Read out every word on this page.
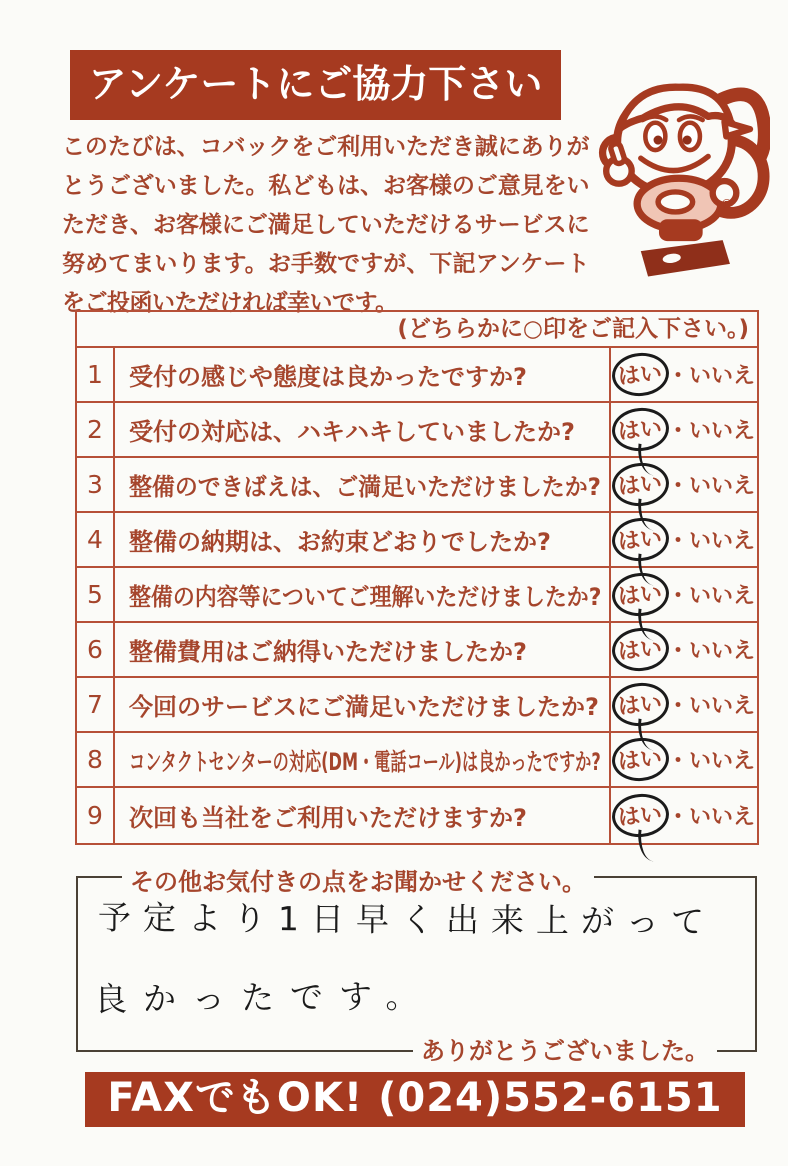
アンケートにご協力下さい

このたびは、コバックをご利用いただき誠にありがとうございました。私どもは、お客様のご意見をいただき、お客様にご満足していただけるサービスに努めてまいります。お手数ですが、下記アンケートをご投函いただければ幸いです。

®
(どちらかに○印をご記入下さい。)
1	受付の感じや態度は良かったですか?	はい ・ いいえ
2	受付の対応は、ハキハキしていましたか?	はい ・ いいえ
3	整備のできばえは、ご満足いただけましたか? はい ・ いいえ
4	整備の納期は、お約束どおりでしたか?	はい ・ いいえ
5	整備の内容等についてご理解いただけましたか? はい ・ いいえ
6	整備費用はご納得いただけましたか?	はい ・ いいえ
7	今回のサービスにご満足いただけましたか? はい ・ いいえ
8	コンタクトセンターの対応(DM・電話コール)は良かったですか? はい ・ いいえ
9	次回も当社をご利用いただけますか?	はい ・ いいえ
その他お気付きの点をお聞かせください。
予定より1日早く出来上がって
良かったです。
ありがとうございました。
FAXでもOK! (024)552-6151
